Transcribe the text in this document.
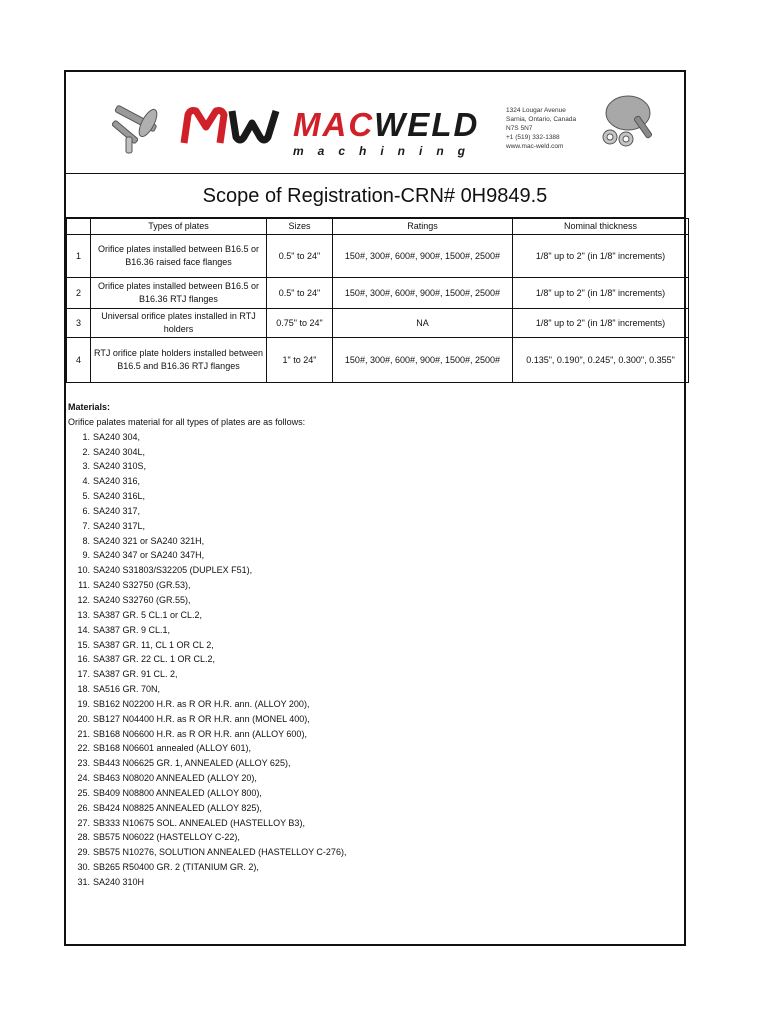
MACWELD
machining
1324 Lougar Avenue
Sarnia, Ontario, Canada
N7S 5N7
+1 (519) 332-1388
www.mac-weld.com
Scope of Registration-CRN# 0H9849.5
	Types of plates	Sizes	Ratings	Nominal thickness
1	Orifice plates installed between B16.5 or B16.36 raised face flanges	0.5" to 24"	150#, 300#, 600#, 900#, 1500#, 2500#	1/8" up to 2" (in 1/8" increments)
2	Orifice plates installed between B16.5 or B16.36 RTJ flanges	0.5" to 24"	150#, 300#, 600#, 900#, 1500#, 2500#	1/8" up to 2" (in 1/8" increments)
3	Universal orifice plates installed in RTJ holders	0.75" to 24"	NA	1/8" up to 2" (in 1/8" increments)
4	RTJ orifice plate holders installed between B16.5 and B16.36 RTJ flanges	1" to 24"	150#, 300#, 600#, 900#, 1500#, 2500#	0.135", 0.190", 0.245", 0.300", 0.355"
Materials:
Orifice palates material for all types of plates are as follows:
1. SA240 304,
2. SA240 304L,
3. SA240 310S,
4. SA240 316,
5. SA240 316L,
6. SA240 317,
7. SA240 317L,
8. SA240 321 or SA240 321H,
9. SA240 347 or SA240 347H,
10. SA240 S31803/S32205 (DUPLEX F51),
11. SA240 S32750 (GR.53),
12. SA240 S32760 (GR.55),
13. SA387 GR. 5 CL.1 or CL.2,
14. SA387 GR. 9 CL.1,
15. SA387 GR. 11, CL 1 OR CL 2,
16. SA387 GR. 22 CL. 1 OR CL.2,
17. SA387 GR. 91 CL. 2,
18. SA516 GR. 70N,
19. SB162 N02200 H.R. as R OR H.R. ann. (ALLOY 200),
20. SB127 N04400 H.R. as R OR H.R. ann (MONEL 400),
21. SB168 N06600 H.R. as R OR H.R. ann (ALLOY 600),
22. SB168 N06601 annealed (ALLOY 601),
23. SB443 N06625 GR. 1, ANNEALED (ALLOY 625),
24. SB463 N08020 ANNEALED (ALLOY 20),
25. SB409 N08800 ANNEALED (ALLOY 800),
26. SB424 N08825 ANNEALED (ALLOY 825),
27. SB333 N10675 SOL. ANNEALED (HASTELLOY B3),
28. SB575 N06022 (HASTELLOY C-22),
29. SB575 N10276, SOLUTION ANNEALED (HASTELLOY C-276),
30. SB265 R50400 GR. 2 (TITANIUM GR. 2),
31. SA240 310H
